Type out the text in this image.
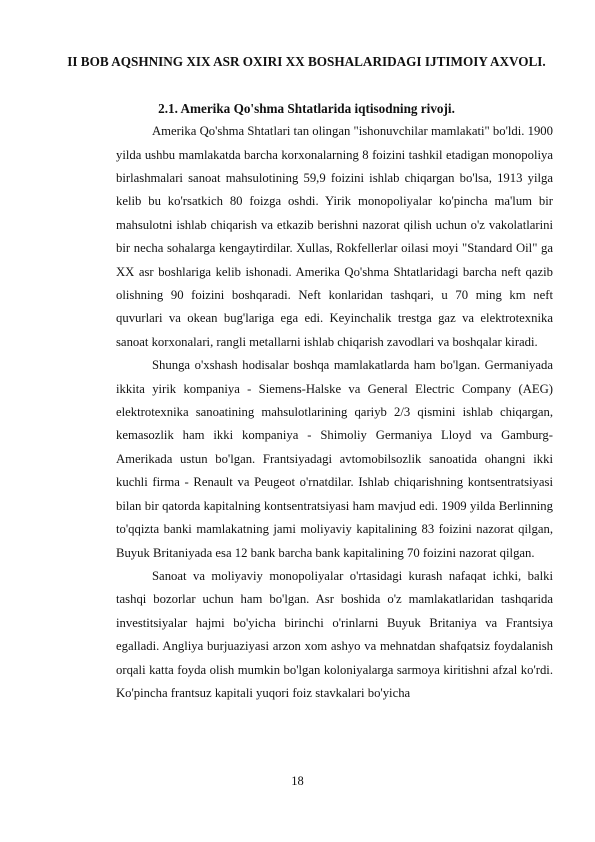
II BOB AQSHNING XIX ASR OXIRI XX BOSHALARIDAGI IJTIMOIY AXVOLI.
2.1. Amerika Qo'shma Shtatlarida iqtisodning rivoji.

Amerika Qo'shma Shtatlari tan olingan "ishonuvchilar mamlakati" bo'ldi. 1900 yilda ushbu mamlakatda barcha korxonalarning 8 foizini tashkil etadigan monopoliya birlashmalari sanoat mahsulotining 59,9 foizini ishlab chiqargan bo'lsa, 1913 yilga kelib bu ko'rsatkich 80 foizga oshdi. Yirik monopoliyalar ko'pincha ma'lum bir mahsulotni ishlab chiqarish va etkazib berishni nazorat qilish uchun o'z vakolatlarini bir necha sohalarga kengaytirdilar. Xullas, Rokfellerlar oilasi moyi "Standard Oil" ga XX asr boshlariga kelib ishonadi. Amerika Qo'shma Shtatlaridagi barcha neft qazib olishning 90 foizini boshqaradi. Neft konlaridan tashqari, u 70 ming km neft quvurlari va okean bug'lariga ega edi. Keyinchalik trestga gaz va elektrotexnika sanoat korxonalari, rangli metallarni ishlab chiqarish zavodlari va boshqalar kiradi.

Shunga o'xshash hodisalar boshqa mamlakatlarda ham bo'lgan. Germaniyada ikkita yirik kompaniya - Siemens-Halske va General Electric Company (AEG) elektrotexnika sanoatining mahsulotlarining qariyb 2/3 qismini ishlab chiqargan, kemasozlik ham ikki kompaniya - Shimoliy Germaniya Lloyd va Gamburg-Amerikada ustun bo'lgan. Frantsiyadagi avtomobilsozlik sanoatida ohangni ikki kuchli firma - Renault va Peugeot o'rnatdilar. Ishlab chiqarishning kontsentratsiyasi bilan bir qatorda kapitalning kontsentratsiyasi ham mavjud edi. 1909 yilda Berlinning to'qqizta banki mamlakatning jami moliyaviy kapitalining 83 foizini nazorat qilgan, Buyuk Britaniyada esa 12 bank barcha bank kapitalining 70 foizini nazorat qilgan.

Sanoat va moliyaviy monopoliyalar o'rtasidagi kurash nafaqat ichki, balki tashqi bozorlar uchun ham bo'lgan. Asr boshida o'z mamlakatlaridan tashqarida investitsiyalar hajmi bo'yicha birinchi o'rinlarni Buyuk Britaniya va Frantsiya egalladi. Angliya burjuaziyasi arzon xom ashyo va mehnatdan shafqatsiz foydalanish orqali katta foyda olish mumkin bo'lgan koloniyalarga sarmoya kiritishni afzal ko'rdi. Ko'pincha frantsuz kapitali yuqori foiz stavkalari bo'yicha

18
